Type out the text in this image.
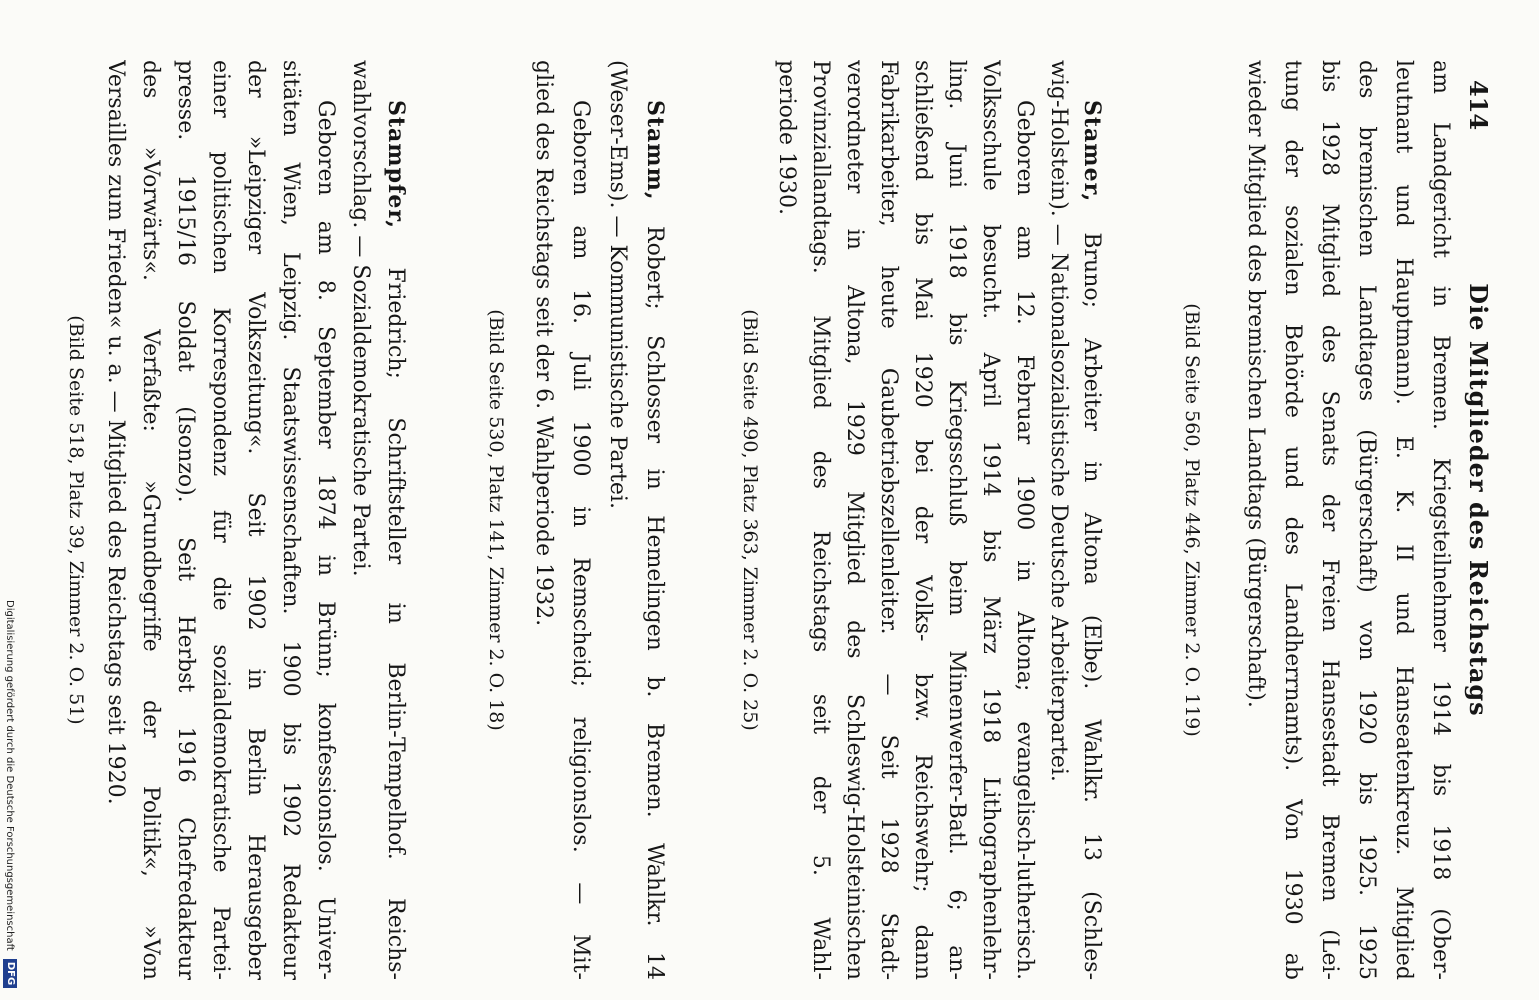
414
Die Mitglieder des Reichstags
am Landgericht in Bremen. Kriegsteilnehmer 1914 bis 1918 (Ober-
leutnant und Hauptmann). E. K. II und Hanseatenkreuz. Mitglied
des bremischen Landtages (Bürgerschaft) von 1920 bis 1925. 1925
bis 1928 Mitglied des Senats der Freien Hansestadt Bremen (Lei-
tung der sozialen Behörde und des Landherrnamts). Von 1930 ab
wieder Mitglied des bremischen Landtags (Bürgerschaft).
(Bild Seite 560, Platz 446, Zimmer 2. O. 119)
Stamer, Bruno; Arbeiter in Altona (Elbe). Wahlkr. 13 (Schles-
wig-Holstein). — Nationalsozialistische Deutsche Arbeiterpartei.
Geboren am 12. Februar 1900 in Altona; evangelisch-lutherisch.
Volksschule besucht. April 1914 bis März 1918 Lithographenlehr-
ling. Juni 1918 bis Kriegsschluß beim Minenwerfer-Batl. 6; an-
schließend bis Mai 1920 bei der Volks- bzw. Reichswehr; dann
Fabrikarbeiter, heute Gaubetriebszellenleiter. — Seit 1928 Stadt-
verordneter in Altona, 1929 Mitglied des Schleswig-Holsteinischen
Provinziallandtags. Mitglied des Reichstags seit der 5. Wahl-
periode 1930.
(Bild Seite 490, Platz 363, Zimmer 2. O. 25)
Stamm, Robert; Schlosser in Hemelingen b. Bremen. Wahlkr. 14
(Weser-Ems). — Kommunistische Partei.
Geboren am 16. Juli 1900 in Remscheid; religionslos. — Mit-
glied des Reichstags seit der 6. Wahlperiode 1932.
(Bild Seite 530, Platz 141, Zimmer 2. O. 18)
Stampfer, Friedrich; Schriftsteller in Berlin-Tempelhof. Reichs-
wahlvorschlag. — Sozialdemokratische Partei.
Geboren am 8. September 1874 in Brünn; konfessionslos. Univer-
sitäten Wien, Leipzig. Staatswissenschaften. 1900 bis 1902 Redakteur
der »Leipziger Volkszeitung«. Seit 1902 in Berlin Herausgeber
einer politischen Korrespondenz für die sozialdemokratische Partei-
presse. 1915/16 Soldat (Isonzo). Seit Herbst 1916 Chefredakteur
des »Vorwärts«. Verfaßte: »Grundbegriffe der Politik«, »Von
Versailles zum Frieden« u. a. — Mitglied des Reichstags seit 1920.
(Bild Seite 518, Platz 39, Zimmer 2. O. 51)
Digitalisierung gefördert durch die Deutsche ForschungsgemeinschaftDFG
